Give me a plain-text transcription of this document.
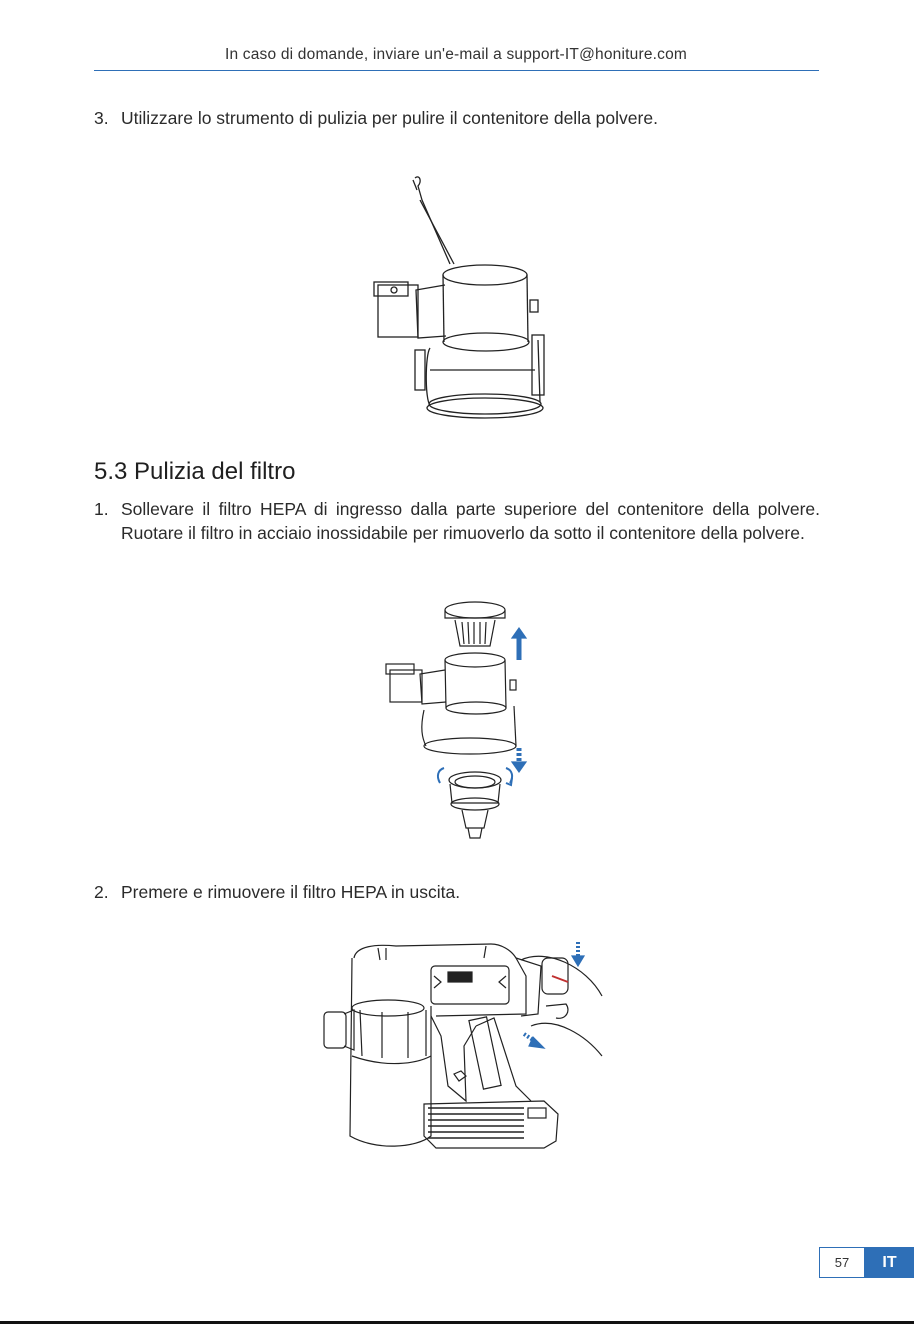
In caso di domande, inviare un'e-mail a support-IT@honiture.com
3. Utilizzare lo strumento di pulizia per pulire il contenitore della polvere.
5.3 Pulizia del filtro
1. Sollevare il filtro HEPA di ingresso dalla parte superiore del contenitore della polvere. Ruotare il filtro in acciaio inossidabile per rimuoverlo da sotto il contenitore della polvere.
2. Premere e rimuovere il filtro HEPA in uscita.
57	IT
